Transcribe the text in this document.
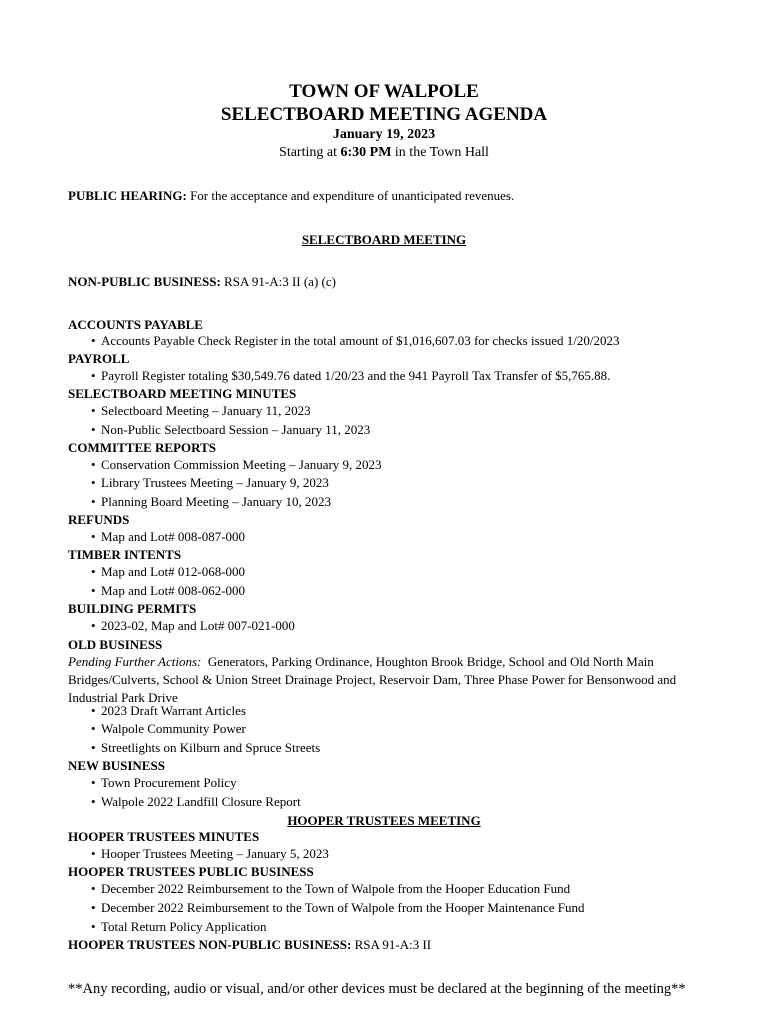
TOWN OF WALPOLE
SELECTBOARD MEETING AGENDA
January 19, 2023
Starting at 6:30 PM in the Town Hall
PUBLIC HEARING: For the acceptance and expenditure of unanticipated revenues.
SELECTBOARD MEETING
NON-PUBLIC BUSINESS: RSA 91-A:3 II (a) (c)
ACCOUNTS PAYABLE
• Accounts Payable Check Register in the total amount of $1,016,607.03 for checks issued 1/20/2023
PAYROLL
• Payroll Register totaling $30,549.76 dated 1/20/23 and the 941 Payroll Tax Transfer of $5,765.88.
SELECTBOARD MEETING MINUTES
• Selectboard Meeting – January 11, 2023
• Non-Public Selectboard Session – January 11, 2023
COMMITTEE REPORTS
• Conservation Commission Meeting – January 9, 2023
• Library Trustees Meeting – January 9, 2023
• Planning Board Meeting – January 10, 2023
REFUNDS
• Map and Lot# 008-087-000
TIMBER INTENTS
• Map and Lot# 012-068-000
• Map and Lot# 008-062-000
BUILDING PERMITS
• 2023-02, Map and Lot# 007-021-000
OLD BUSINESS
Pending Further Actions:  Generators, Parking Ordinance, Houghton Brook Bridge, School and Old North Main Bridges/Culverts, School & Union Street Drainage Project, Reservoir Dam, Three Phase Power for Bensonwood and Industrial Park Drive
• 2023 Draft Warrant Articles
• Walpole Community Power
• Streetlights on Kilburn and Spruce Streets
NEW BUSINESS
• Town Procurement Policy
• Walpole 2022 Landfill Closure Report
HOOPER TRUSTEES MEETING
HOOPER TRUSTEES MINUTES
• Hooper Trustees Meeting – January 5, 2023
HOOPER TRUSTEES PUBLIC BUSINESS
• December 2022 Reimbursement to the Town of Walpole from the Hooper Education Fund
• December 2022 Reimbursement to the Town of Walpole from the Hooper Maintenance Fund
• Total Return Policy Application
HOOPER TRUSTEES NON-PUBLIC BUSINESS: RSA 91-A:3 II
**Any recording, audio or visual, and/or other devices must be declared at the beginning of the meeting**
